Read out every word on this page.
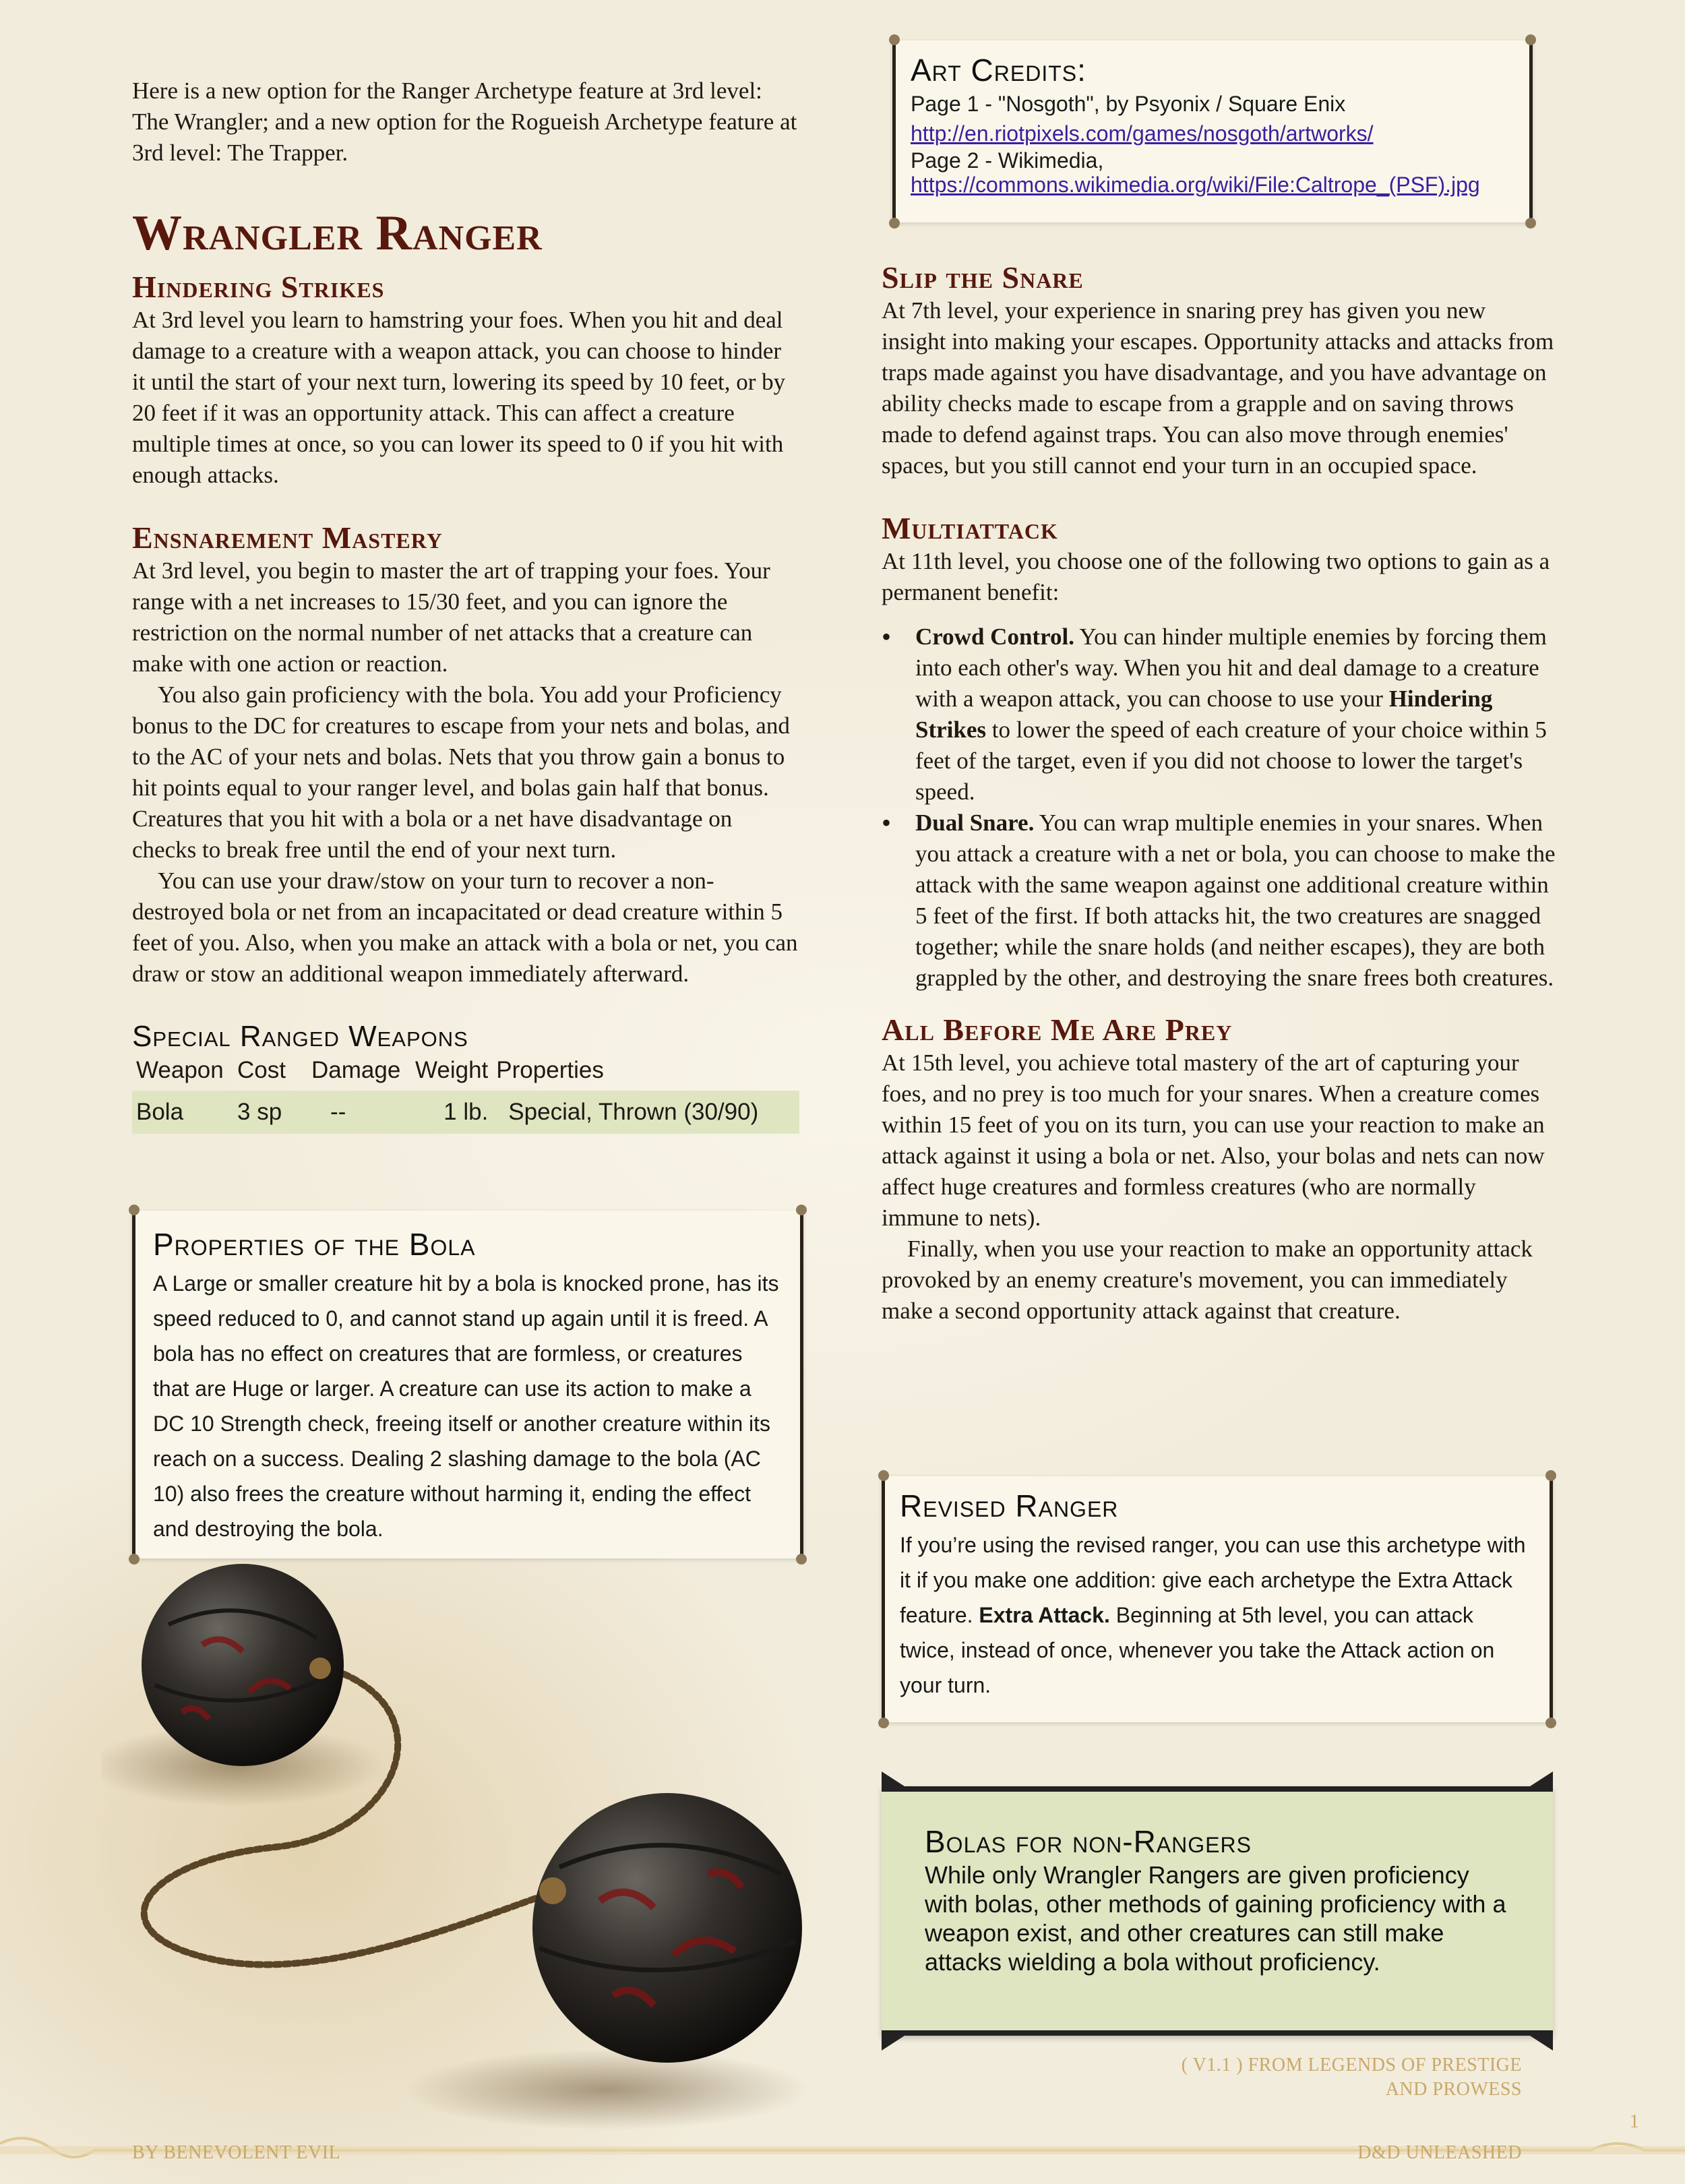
Here is a new option for the Ranger Archetype feature at 3rd level: The Wrangler; and a new option for the Rogueish Archetype feature at 3rd level: The Trapper.

Wrangler Ranger
Hindering Strikes

At 3rd level you learn to hamstring your foes. When you hit and deal damage to a creature with a weapon attack, you can choose to hinder it until the start of your next turn, lowering its speed by 10 feet, or by 20 feet if it was an opportunity attack. This can affect a creature multiple times at once, so you can lower its speed to 0 if you hit with enough attacks.

Ensnarement Mastery

At 3rd level, you begin to master the art of trapping your foes. Your range with a net increases to 15/30 feet, and you can ignore the restriction on the normal number of net attacks that a creature can make with one action or reaction.

You also gain proficiency with the bola. You add your Proficiency bonus to the DC for creatures to escape from your nets and bolas, and to the AC of your nets and bolas. Nets that you throw gain a bonus to hit points equal to your ranger level, and bolas gain half that bonus. Creatures that you hit with a bola or a net have disadvantage on checks to break free until the end of your next turn.

You can use your draw/stow on your turn to recover a non-destroyed bola or net from an incapacitated or dead creature within 5 feet of you. Also, when you make an attack with a bola or net, you can draw or stow an additional weapon immediately afterward.

Special Ranged Weapons
Weapon	Cost	Damage	Weight	Properties
Bola	3 sp	--	1 lb.	Special, Thrown (30/90)
Properties of the Bola

A Large or smaller creature hit by a bola is knocked prone, has its speed reduced to 0, and cannot stand up again until it is freed. A bola has no effect on creatures that are formless, or creatures that are Huge or larger. A creature can use its action to make a DC 10 Strength check, freeing itself or another creature within its reach on a success. Dealing 2 slashing damage to the bola (AC 10) also frees the creature without harming it, ending the effect and destroying the bola.

Art Credits:
Page 1 - "Nosgoth", by Psyonix / Square Enix
http://en.riotpixels.com/games/nosgoth/artworks/
Page 2 - Wikimedia,
https://commons.wikimedia.org/wiki/File:Caltrope_(PSF).jpg
Slip the Snare

At 7th level, your experience in snaring prey has given you new insight into making your escapes. Opportunity attacks and attacks from traps made against you have disadvantage, and you have advantage on ability checks made to escape from a grapple and on saving throws made to defend against traps. You can also move through enemies' spaces, but you still cannot end your turn in an occupied space.

Multiattack

At 11th level, you choose one of the following two options to gain as a permanent benefit:

• Crowd Control. You can hinder multiple enemies by forcing them into each other's way. When you hit and deal damage to a creature with a weapon attack, you can choose to use your Hindering Strikes to lower the speed of each creature of your choice within 5 feet of the target, even if you did not choose to lower the target's speed.
• Dual Snare. You can wrap multiple enemies in your snares. When you attack a creature with a net or bola, you can choose to make the attack with the same weapon against one additional creature within 5 feet of the first. If both attacks hit, the two creatures are snagged together; while the snare holds (and neither escapes), they are both grappled by the other, and destroying the snare frees both creatures.
All Before Me Are Prey

At 15th level, you achieve total mastery of the art of capturing your foes, and no prey is too much for your snares. When a creature comes within 15 feet of you on its turn, you can use your reaction to make an attack against it using a bola or net. Also, your bolas and nets can now affect huge creatures and formless creatures (who are normally immune to nets).

Finally, when you use your reaction to make an opportunity attack provoked by an enemy creature's movement, you can immediately make a second opportunity attack against that creature.

Revised Ranger

If you’re using the revised ranger, you can use this archetype with it if you make one addition: give each archetype the Extra Attack feature. Extra Attack. Beginning at 5th level, you can attack twice, instead of once, whenever you take the Attack action on your turn.

Bolas for non-Rangers

While only Wrangler Rangers are given proficiency with bolas, other methods of gaining proficiency with a weapon exist, and other creatures can still make attacks wielding a bola without proficiency.

( V1.1 ) FROM LEGENDS OF PRESTIGE
AND PROWESS
BY BENEVOLENT EVIL	D&D UNLEASHED
1
